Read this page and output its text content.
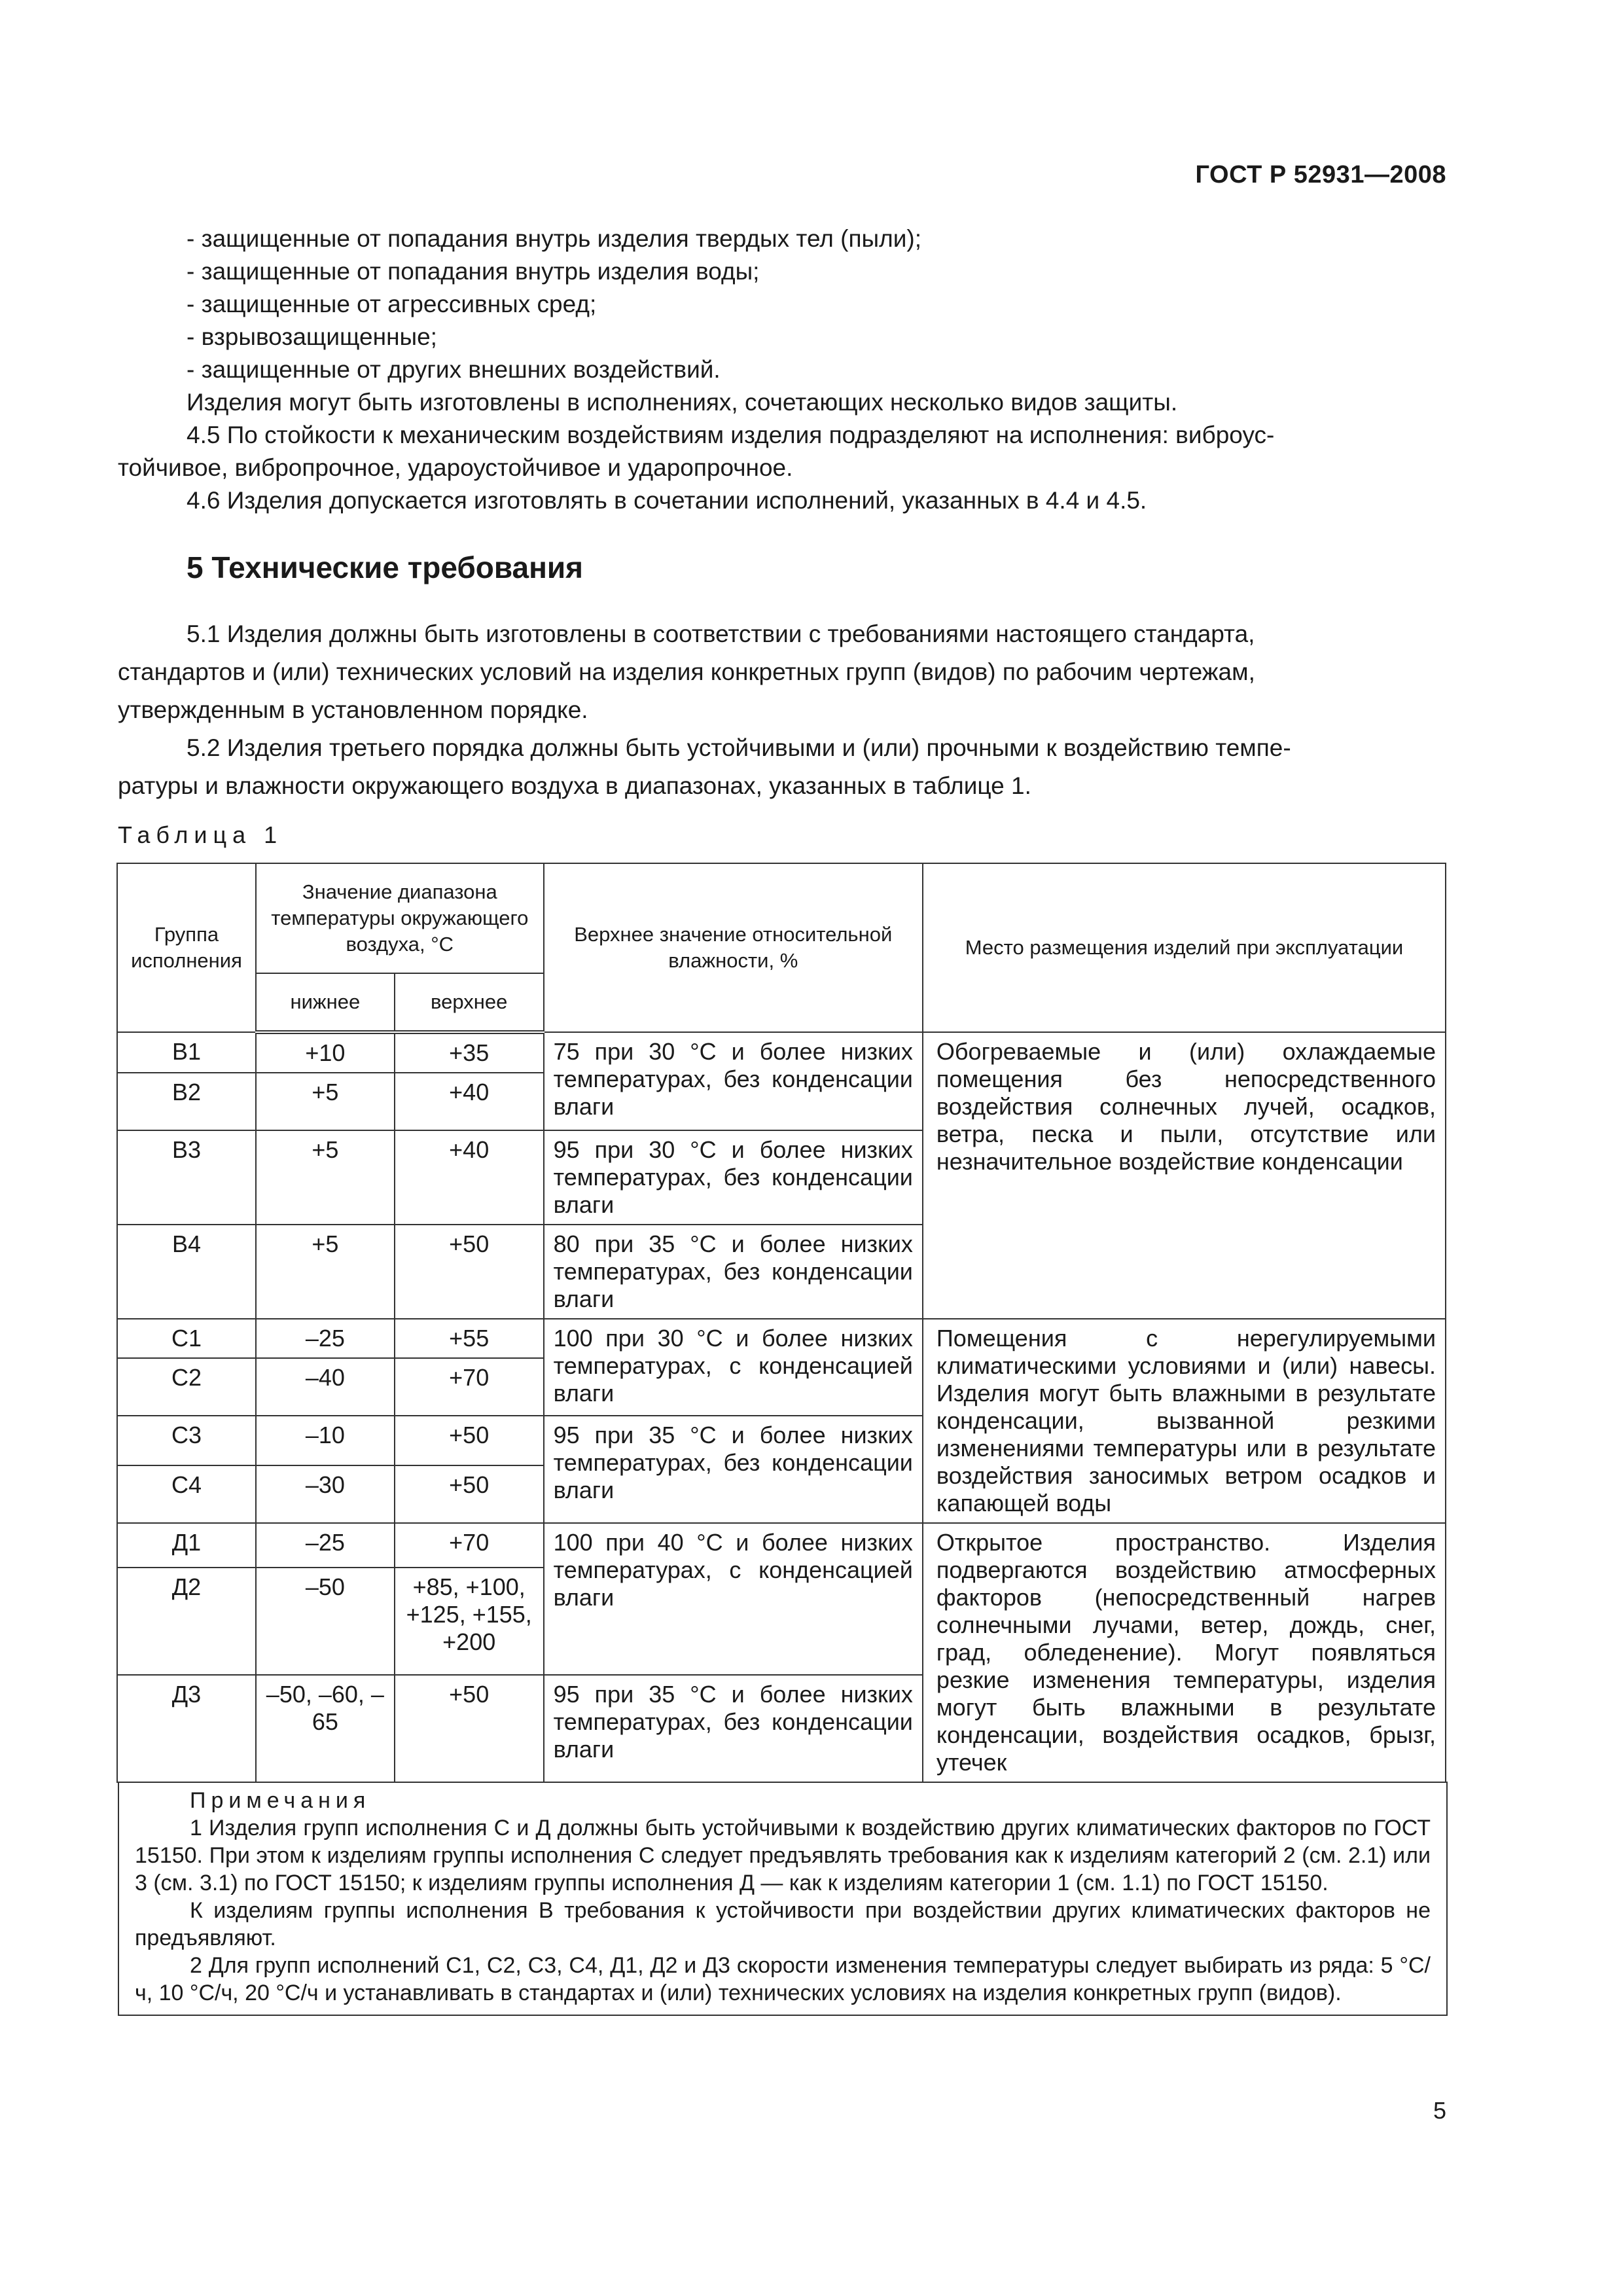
ГОСТ Р 52931—2008
- защищенные от попадания внутрь изделия твердых тел (пыли);
- защищенные от попадания внутрь изделия воды;
- защищенные от агрессивных сред;
- взрывозащищенные;
- защищенные от других внешних воздействий.
Изделия могут быть изготовлены в исполнениях, сочетающих несколько видов защиты.
4.5 По стойкости к механическим воздействиям изделия подразделяют на исполнения: виброус-
тойчивое, вибропрочное, удароустойчивое и ударопрочное.
4.6 Изделия допускается изготовлять в сочетании исполнений, указанных в 4.4 и 4.5.
5 Технические требования
5.1 Изделия должны быть изготовлены в соответствии с требованиями настоящего стандарта,
стандартов и (или) технических условий на изделия конкретных групп (видов) по рабочим чертежам,
утвержденным в установленном порядке.
5.2 Изделия третьего порядка должны быть устойчивыми и (или) прочными к воздействию темпе-
ратуры и влажности окружающего воздуха в диапазонах, указанных в таблице 1.
Таблица 1
Группа исполнения	Значение диапазона температуры окружающего воздуха, °С		Верхнее значение относительной влажности, %	Место размещения изделий при эксплуатации
	нижнее	верхнее		
В1	+10	+35	75 при 30 °С и более низких температурах, без конденсации влаги	Обогреваемые и (или) охлаждаемые помещения без непосредственного воздействия солнечных лучей, осадков, ветра, песка и пыли, отсутствие или незначительное воздействие конденсации
В2	+5	+40		
В3	+5	+40	95 при 30 °С и более низких температурах, без конденсации влаги	
В4	+5	+50	80 при 35 °С и более низких температурах, без конденсации влаги	
С1	–25	+55	100 при 30 °С и более низких температурах, с конденсацией влаги	Помещения с нерегулируемыми климатическими условиями и (или) навесы. Изделия могут быть влажными в результате конденсации, вызванной резкими изменениями температуры или в результате воздействия заносимых ветром осадков и капающей воды
С2	–40	+70		
С3	–10	+50	95 при 35 °С и более низких температурах, без конденсации влаги	
С4	–30	+50		
Д1	–25	+70	100 при 40 °С и более низких температурах, с конденсацией влаги	Открытое пространство. Изделия подвергаются воздействию атмосферных факторов (непосредственный нагрев солнечными лучами, ветер, дождь, снег, град, обледенение). Могут появляться резкие изменения температуры, изделия могут быть влажными в результате конденсации, воздействия осадков, брызг, утечек
Д2	–50	+85, +100, +125, +155, +200		
Д3	–50, –60, –65	+50	95 при 35 °С и более низких температурах, без конденсации влаги	
Примечания
1 Изделия групп исполнения С и Д должны быть устойчивыми к воздействию других климатических факторов по ГОСТ 15150. При этом к изделиям группы исполнения С следует предъявлять требования как к изделиям категорий 2 (см. 2.1) или 3 (см. 3.1) по ГОСТ 15150; к изделиям группы исполнения Д — как к изделиям категории 1 (см. 1.1) по ГОСТ 15150.
К изделиям группы исполнения В требования к устойчивости при воздействии других климатических факторов не предъявляют.
2 Для групп исполнений С1, С2, С3, С4, Д1, Д2 и Д3 скорости изменения температуры следует выбирать из ряда: 5 °С/ч, 10 °С/ч, 20 °С/ч и устанавливать в стандартах и (или) технических условиях на изделия конкретных групп (видов).
5
